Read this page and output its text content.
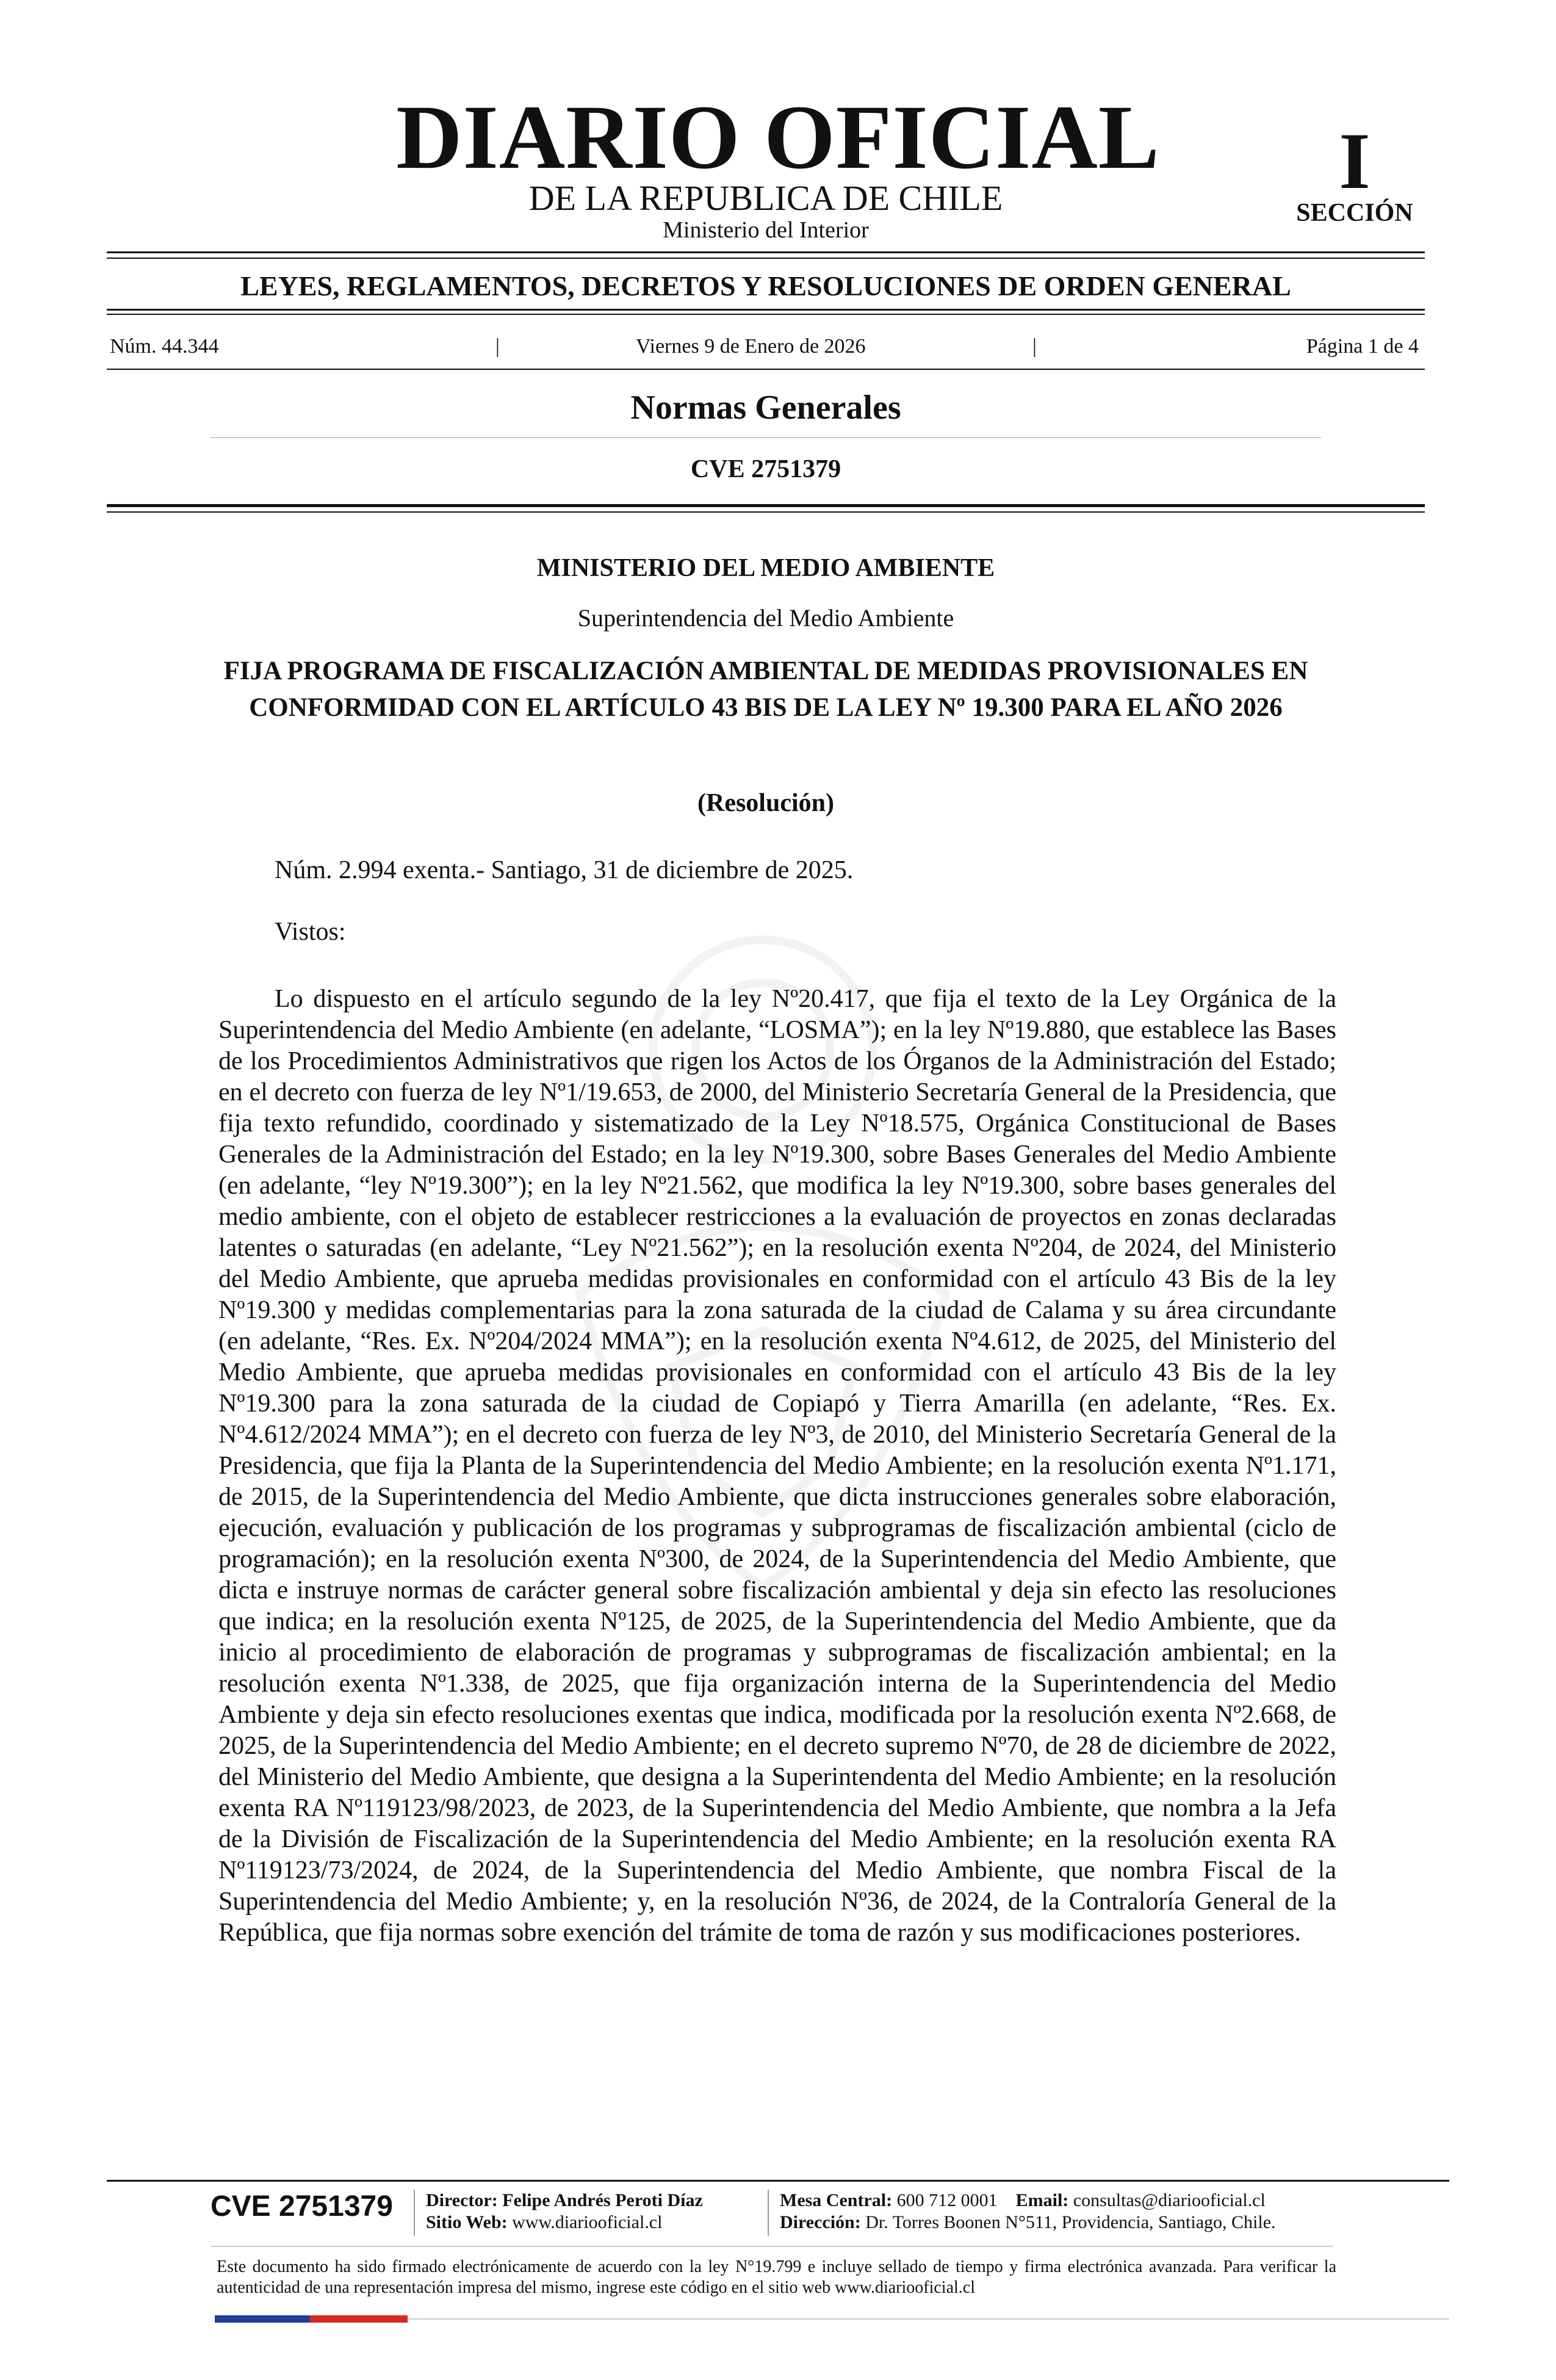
DIARIO OFICIAL
DE LA REPUBLICA DE CHILE
Ministerio del Interior
I
SECCIÓN
LEYES, REGLAMENTOS, DECRETOS Y RESOLUCIONES DE ORDEN GENERAL
Núm. 44.344	|	Viernes 9 de Enero de 2026	|	Página 1 de 4
Normas Generales
CVE 2751379
MINISTERIO DEL MEDIO AMBIENTE
Superintendencia del Medio Ambiente
FIJA PROGRAMA DE FISCALIZACIÓN AMBIENTAL DE MEDIDAS PROVISIONALES EN CONFORMIDAD CON EL ARTÍCULO 43 BIS DE LA LEY Nº 19.300 PARA EL AÑO 2026
(Resolución)
Núm. 2.994 exenta.- Santiago, 31 de diciembre de 2025.
Vistos:

Lo dispuesto en el artículo segundo de la ley Nº20.417, que fija el texto de la Ley Orgánica de la Superintendencia del Medio Ambiente (en adelante, “LOSMA”); en la ley Nº19.880, que establece las Bases de los Procedimientos Administrativos que rigen los Actos de los Órganos de la Administración del Estado; en el decreto con fuerza de ley Nº1/19.653, de 2000, del Ministerio Secretaría General de la Presidencia, que fija texto refundido, coordinado y sistematizado de la Ley Nº18.575, Orgánica Constitucional de Bases Generales de la Administración del Estado; en la ley Nº19.300, sobre Bases Generales del Medio Ambiente (en adelante, “ley Nº19.300”); en la ley Nº21.562, que modifica la ley Nº19.300, sobre bases generales del medio ambiente, con el objeto de establecer restricciones a la evaluación de proyectos en zonas declaradas latentes o saturadas (en adelante, “Ley Nº21.562”); en la resolución exenta Nº204, de 2024, del Ministerio del Medio Ambiente, que aprueba medidas provisionales en conformidad con el artículo 43 Bis de la ley Nº19.300 y medidas complementarias para la zona saturada de la ciudad de Calama y su área circundante (en adelante, “Res. Ex. Nº204/2024 MMA”); en la resolución exenta Nº4.612, de 2025, del Ministerio del Medio Ambiente, que aprueba medidas provisionales en conformidad con el artículo 43 Bis de la ley Nº19.300 para la zona saturada de la ciudad de Copiapó y Tierra Amarilla (en adelante, “Res. Ex. Nº4.612/2024 MMA”); en el decreto con fuerza de ley Nº3, de 2010, del Ministerio Secretaría General de la Presidencia, que fija la Planta de la Superintendencia del Medio Ambiente; en la resolución exenta Nº1.171, de 2015, de la Superintendencia del Medio Ambiente, que dicta instrucciones generales sobre elaboración, ejecución, evaluación y publicación de los programas y subprogramas de fiscalización ambiental (ciclo de programación); en la resolución exenta Nº300, de 2024, de la Superintendencia del Medio Ambiente, que dicta e instruye normas de carácter general sobre fiscalización ambiental y deja sin efecto las resoluciones que indica; en la resolución exenta Nº125, de 2025, de la Superintendencia del Medio Ambiente, que da inicio al procedimiento de elaboración de programas y subprogramas de fiscalización ambiental; en la resolución exenta Nº1.338, de 2025, que fija organización interna de la Superintendencia del Medio Ambiente y deja sin efecto resoluciones exentas que indica, modificada por la resolución exenta Nº2.668, de 2025, de la Superintendencia del Medio Ambiente; en el decreto supremo Nº70, de 28 de diciembre de 2022, del Ministerio del Medio Ambiente, que designa a la Superintendenta del Medio Ambiente; en la resolución exenta RA Nº119123/98/2023, de 2023, de la Superintendencia del Medio Ambiente, que nombra a la Jefa de la División de Fiscalización de la Superintendencia del Medio Ambiente; en la resolución exenta RA Nº119123/73/2024, de 2024, de la Superintendencia del Medio Ambiente, que nombra Fiscal de la Superintendencia del Medio Ambiente; y, en la resolución Nº36, de 2024, de la Contraloría General de la República, que fija normas sobre exención del trámite de toma de razón y sus modificaciones posteriores.

CVE 2751379 Director: Felipe Andrés Peroti Díaz
Sitio Web: www.diariooficial.cl
Mesa Central: 600 712 0001 Email: consultas@diariooficial.cl
Dirección: Dr. Torres Boonen N°511, Providencia, Santiago, Chile.
Este documento ha sido firmado electrónicamente de acuerdo con la ley N°19.799 e incluye sellado de tiempo y firma electrónica avanzada. Para verificar la autenticidad de una representación impresa del mismo, ingrese este código en el sitio web www.diariooficial.cl
